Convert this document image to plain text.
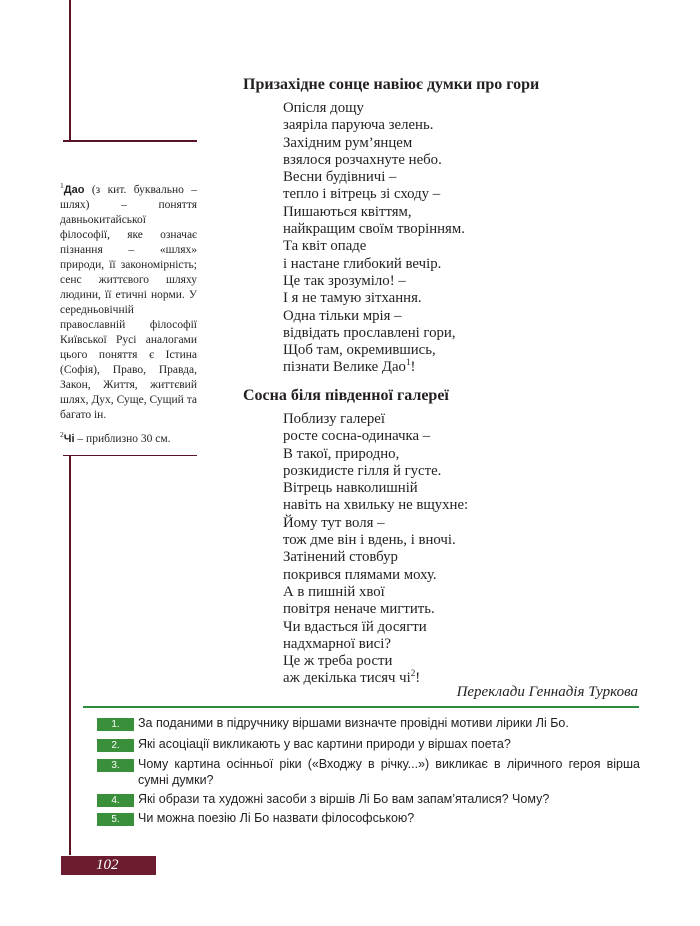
$^1$Дао (з кит. буквально – шлях) – поняття давньокитайської філософії, яке означає пізнання – «шлях» природи, її закономірність; сенс життєвого шляху людини, її етичні норми. У середньовічній православній філософії Київської Русі аналогами цього поняття є Істина (Софія), Право, Правда, Закон, Життя, життєвий шлях, Дух, Суще, Сущий та багато ін.

$^2$Чі – приблизно 30 см.

Призахідне сонце навіює думки про гори
Опісля дощу
заяріла паруюча зелень.
Західним рум’янцем
взялося розчахнуте небо.
Весни будівничі –
тепло і вітрець зі сходу –
Пишаються квіттям,
найкращим своїм творінням.
Та квіт опаде
і настане глибокий вечір.
Це так зрозуміло! –
І я не тамую зітхання.
Одна тільки мрія –
відвідать прославлені гори,
Щоб там, окремившись,
пізнати Велике Дао$^1$!
Сосна біля південної галереї
Поблизу галереї
росте сосна-одиначка –
В такої, природно,
розкидисте гілля й густе.
Вітрець навколишній
навіть на хвильку не вщухне:
Йому тут воля –
тож дме він і вдень, і вночі.
Затінений стовбур
покрився плямами моху.
А в пишній хвої
повітря неначе мигтить.
Чи вдасться їй досягти
надхмарної висі?
Це ж треба рости
аж декілька тисяч $чі^2$!
Переклади Геннадія Туркова
1.	За поданими в підручнику віршами визначте провідні мотиви лірики Лі Бо.
2.	Які асоціації викликають у вас картини природи у віршах поета?
3.	Чому картина осінньої ріки («Входжу в річку...») викликає в ліричного героя вірша сумні думки?
4.	Які образи та художні засоби з віршів Лі Бо вам запам’яталися? Чому?
5.	Чи можна поезію Лі Бо назвати філософською?
102
